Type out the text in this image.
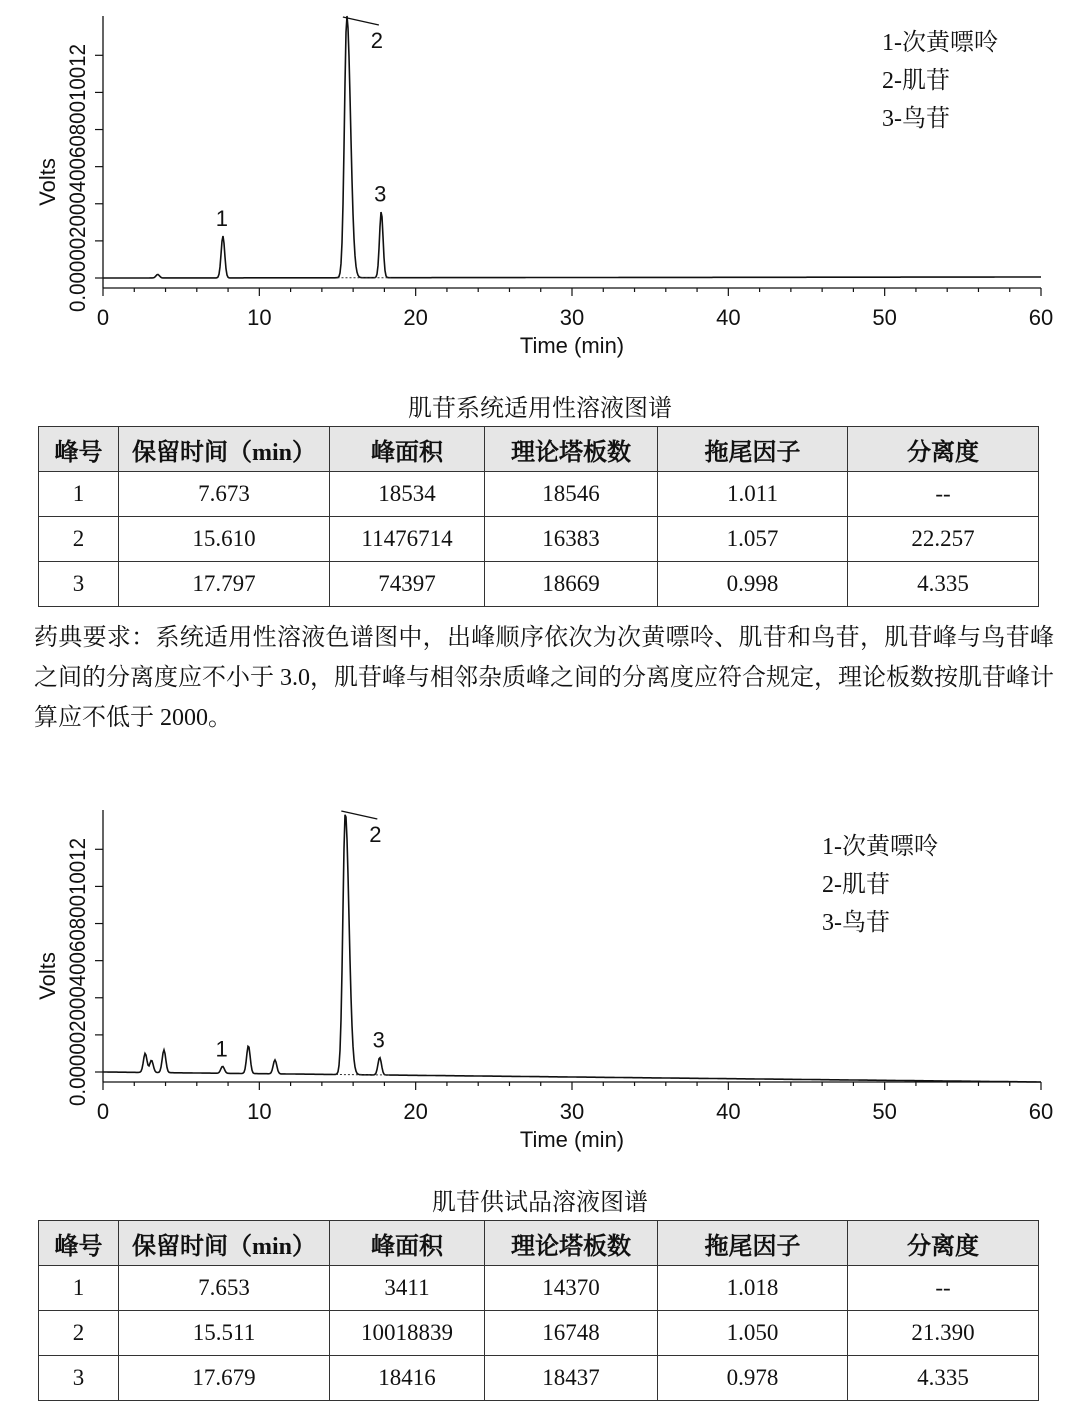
0	10	20	30	40	50	60
0.0000020004006080010012
Volts
Time (min)
1
2
3
1-次黄嘌呤
2-肌苷
3-鸟苷
肌苷系统适用性溶液图谱
峰号	保留时间（min）	峰面积	理论塔板数	拖尾因子	分离度
1	7.673	18534	18546	1.011	--
2	15.610	11476714	16383	1.057	22.257
3	17.797	74397	18669	0.998	4.335
药典要求：系统适用性溶液色谱图中，出峰顺序依次为次黄嘌呤、肌苷和鸟苷，肌苷峰与鸟苷峰之间的分离度应不小于 3.0，肌苷峰与相邻杂质峰之间的分离度应符合规定，理论板数按肌苷峰计算应不低于 2000。
0	10	20	30	40	50	60
0.0000020004006080010012
Volts
Time (min)
1
2
3
1-次黄嘌呤
2-肌苷
3-鸟苷
肌苷供试品溶液图谱
峰号	保留时间（min）	峰面积	理论塔板数	拖尾因子	分离度
1	7.653	3411	14370	1.018	--
2	15.511	10018839	16748	1.050	21.390
3	17.679	18416	18437	0.978	4.335
